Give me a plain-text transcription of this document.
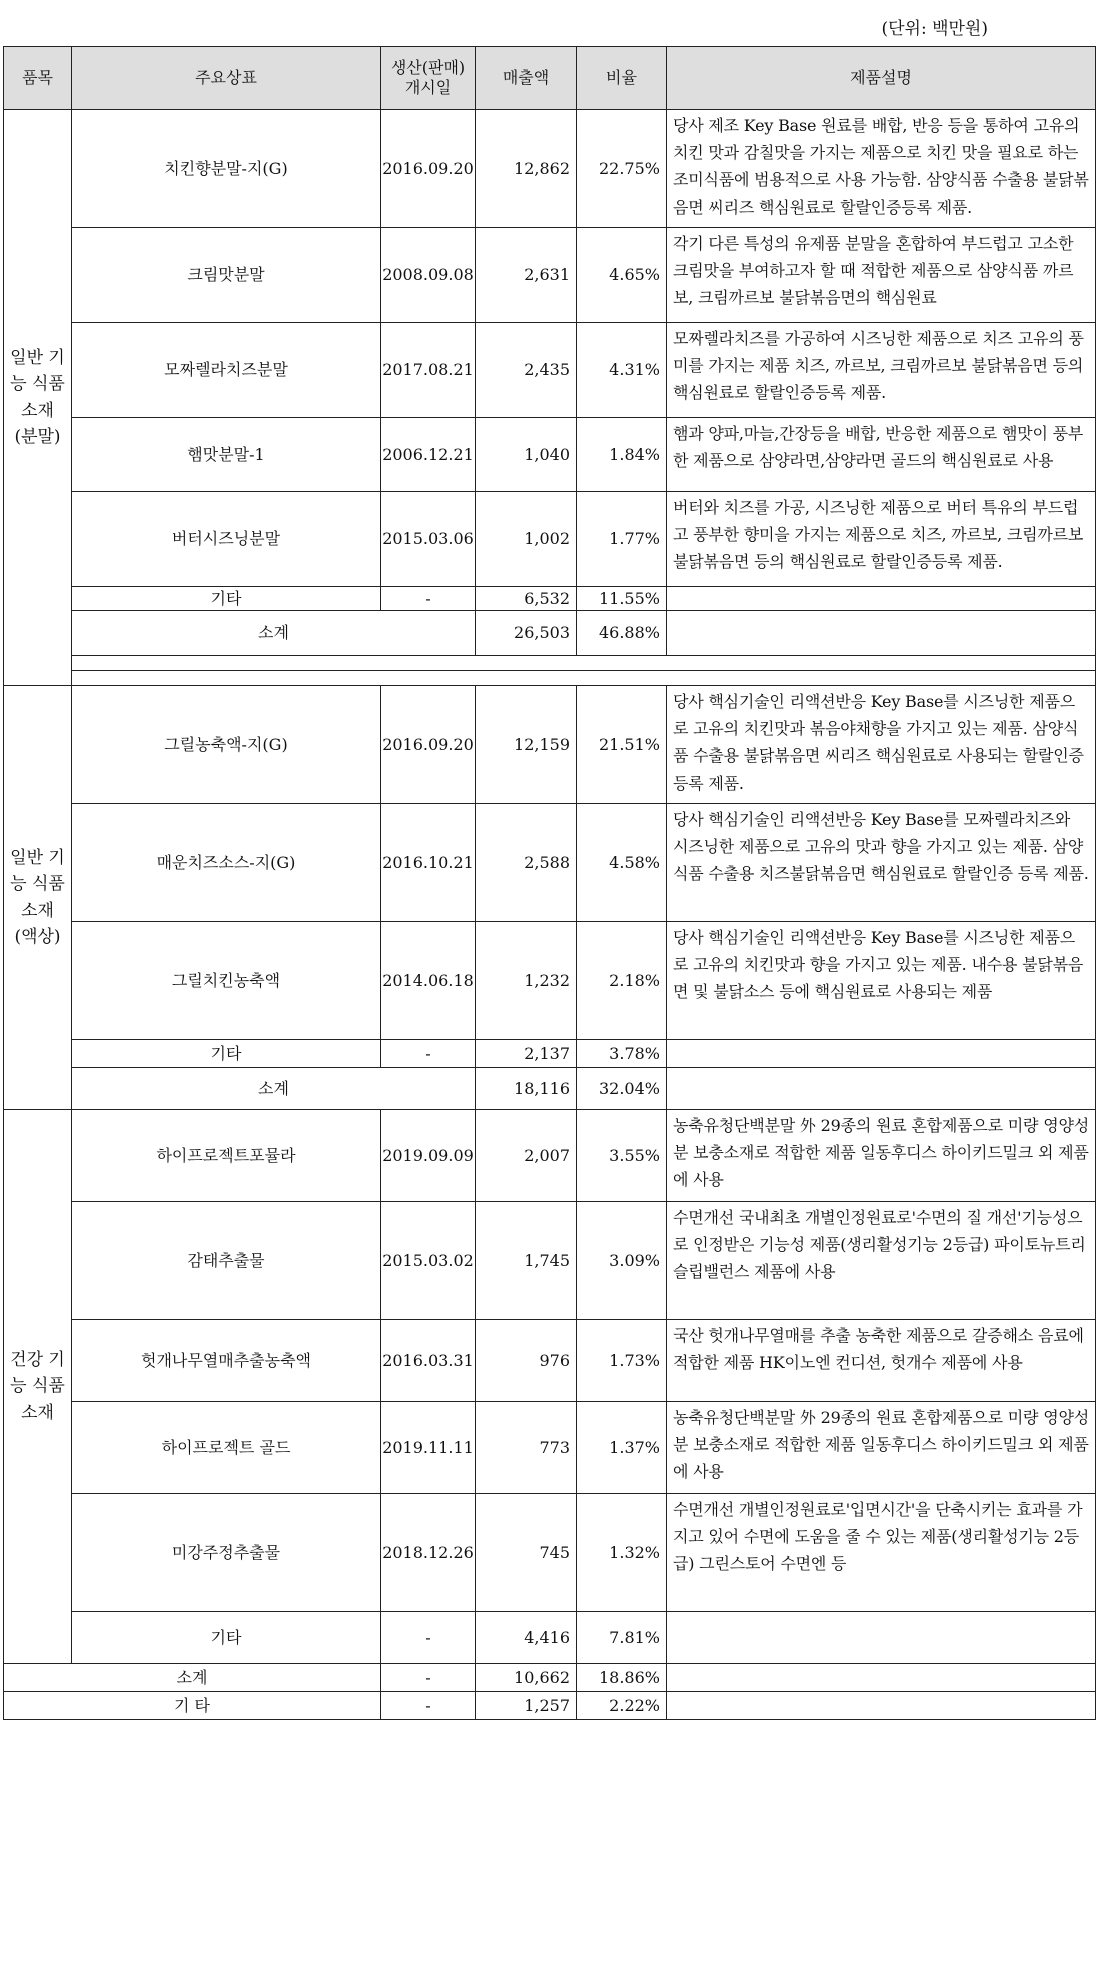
(단위: 백만원)
품목	주요상표	생산(판매) 개시일	매출액	비율	제품설명
일반 기능 식품 소재 (분말)	치킨향분말-지(G)	2016.09.20	12,862	22.75%	당사 제조 Key Base 원료를 배합, 반응 등을 통하여 고유의 치킨 맛과 감칠맛을 가지는 제품으로 치킨 맛을 필요로 하는 조미식품에 범용적으로 사용 가능함. 삼양식품 수출용 불닭볶음면 씨리즈 핵심원료로 할랄인증등록 제품.
	크림맛분말	2008.09.08	2,631	4.65%	각기 다른 특성의 유제품 분말을 혼합하여 부드럽고 고소한 크림맛을 부여하고자 할 때 적합한 제품으로 삼양식품 까르보, 크림까르보 불닭볶음면의 핵심원료
	모짜렐라치즈분말	2017.08.21	2,435	4.31%	모짜렐라치즈를 가공하여 시즈닝한 제품으로 치즈 고유의 풍미를 가지는 제품 치즈, 까르보, 크림까르보 불닭볶음면 등의 핵심원료로 할랄인증등록 제품.
	햄맛분말-1	2006.12.21	1,040	1.84%	햄과 양파,마늘,간장등을 배합, 반응한 제품으로 햄맛이 풍부한 제품으로 삼양라면,삼양라면 골드의 핵심원료로 사용
	버터시즈닝분말	2015.03.06	1,002	1.77%	버터와 치즈를 가공, 시즈닝한 제품으로 버터 특유의 부드럽고 풍부한 향미을 가지는 제품으로 치즈, 까르보, 크림까르보 불닭볶음면 등의 핵심원료로 할랄인증등록 제품.
	기타	-	6,532	11.55%	
	소계		26,503	46.88%	

일반 기능 식품 소재 (액상)	그릴농축액-지(G)	2016.09.20	12,159	21.51%	당사 핵심기술인 리액션반응 Key Base를 시즈닝한 제품으로 고유의 치킨맛과 볶음야채향을 가지고 있는 제품. 삼양식품 수출용 불닭볶음면 씨리즈 핵심원료로 사용되는 할랄인증 등록 제품.
	매운치즈소스-지(G)	2016.10.21	2,588	4.58%	당사 핵심기술인 리액션반응 Key Base를 모짜렐라치즈와 시즈닝한 제품으로 고유의 맛과 향을 가지고 있는 제품. 삼양식품 수출용 치즈불닭볶음면 핵심원료로 할랄인증 등록 제품.
	그릴치킨농축액	2014.06.18	1,232	2.18%	당사 핵심기술인 리액션반응 Key Base를 시즈닝한 제품으로 고유의 치킨맛과 향을 가지고 있는 제품. 내수용 불닭볶음면 및 불닭소스 등에 핵심원료로 사용되는 제품
	기타	-	2,137	3.78%	
	소계		18,116	32.04%	
건강 기능 식품 소재	하이프로젝트포뮬라	2019.09.09	2,007	3.55%	농축유청단백분말 外 29종의 원료 혼합제품으로 미량 영양성분 보충소재로 적합한 제품 일동후디스 하이키드밀크 외 제품에 사용
	감태추출물	2015.03.02	1,745	3.09%	수면개선 국내최초 개별인정원료로'수면의 질 개선'기능성으로 인정받은 기능성 제품(생리활성기능 2등급) 파이토뉴트리 슬립밸런스 제품에 사용
	헛개나무열매추출농축액	2016.03.31	976	1.73%	국산 헛개나무열매를 추출 농축한 제품으로 갈증해소 음료에 적합한 제품 HK이노엔 컨디션, 헛개수 제품에 사용
	하이프로젝트 골드	2019.11.11	773	1.37%	농축유청단백분말 外 29종의 원료 혼합제품으로 미량 영양성분 보충소재로 적합한 제품 일동후디스 하이키드밀크 외 제품에 사용
	미강주정추출물	2018.12.26	745	1.32%	수면개선 개별인정원료로'입면시간'을 단축시키는 효과를 가지고 있어 수면에 도움을 줄 수 있는 제품(생리활성기능 2등급) 그린스토어 수면엔 등
	기타	-	4,416	7.81%	
소계		-	10,662	18.86%	
기 타		-	1,257	2.22%	
